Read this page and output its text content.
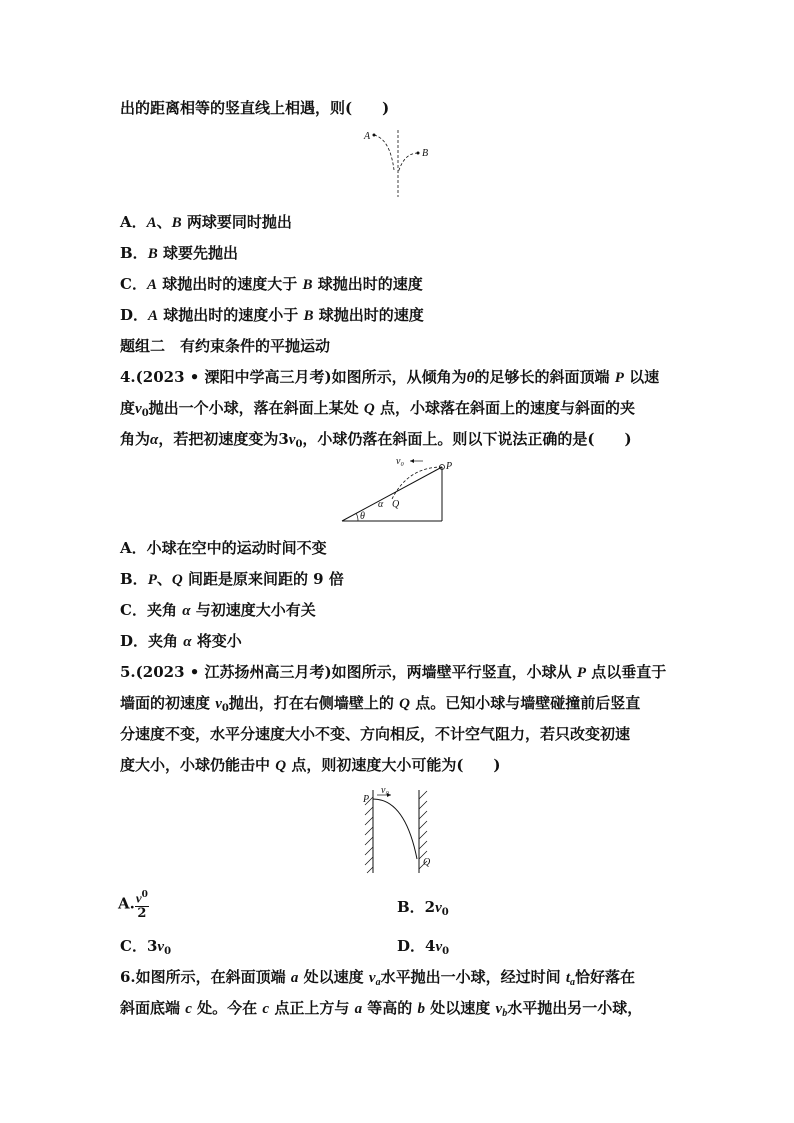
出的距离相等的竖直线上相遇，则(　　)
A
B
A．A、B 两球要同时抛出
B．B 球要先抛出
C．A 球抛出时的速度大于 B 球抛出时的速度
D．A 球抛出时的速度小于 B 球抛出时的速度
题组二　有约束条件的平抛运动
4.(2023 • 溧阳中学高三月考)如图所示，从倾角为θ的足够长的斜面顶端 P 以速
度$v_0$抛出一个小球，落在斜面上某处 Q 点，小球落在斜面上的速度与斜面的夹
角为α，若把初速度变为$3v_0$，小球仍落在斜面上。则以下说法正确的是(　　)
v₀	P
Q
α
θ
A．小球在空中的运动时间不变
B．P、Q 间距是原来间距的 9 倍
C．夹角 α 与初速度大小有关
D．夹角 α 将变小
5.(2023 • 江苏扬州高三月考)如图所示，两墙壁平行竖直，小球从 P 点以垂直于
墙面的初速度 $v_0$抛出，打在右侧墙壁上的 Q 点。已知小球与墙壁碰撞前后竖直
分速度不变，水平分速度大小不变、方向相反，不计空气阻力，若只改变初速
度大小，小球仍能击中 Q 点，则初速度大小可能为(　　)
P
v₀
Q
A. $\frac{v^0}{2}$	B．$2v_0$
C．$3v_0$	D．$4v_0$
6.如图所示，在斜面顶端 a 处以速度 $v_a$水平抛出一小球，经过时间 $t_a$恰好落在
斜面底端 c 处。今在 c 点正上方与 a 等高的 b 处以速度 $v_b$水平抛出另一小球，
